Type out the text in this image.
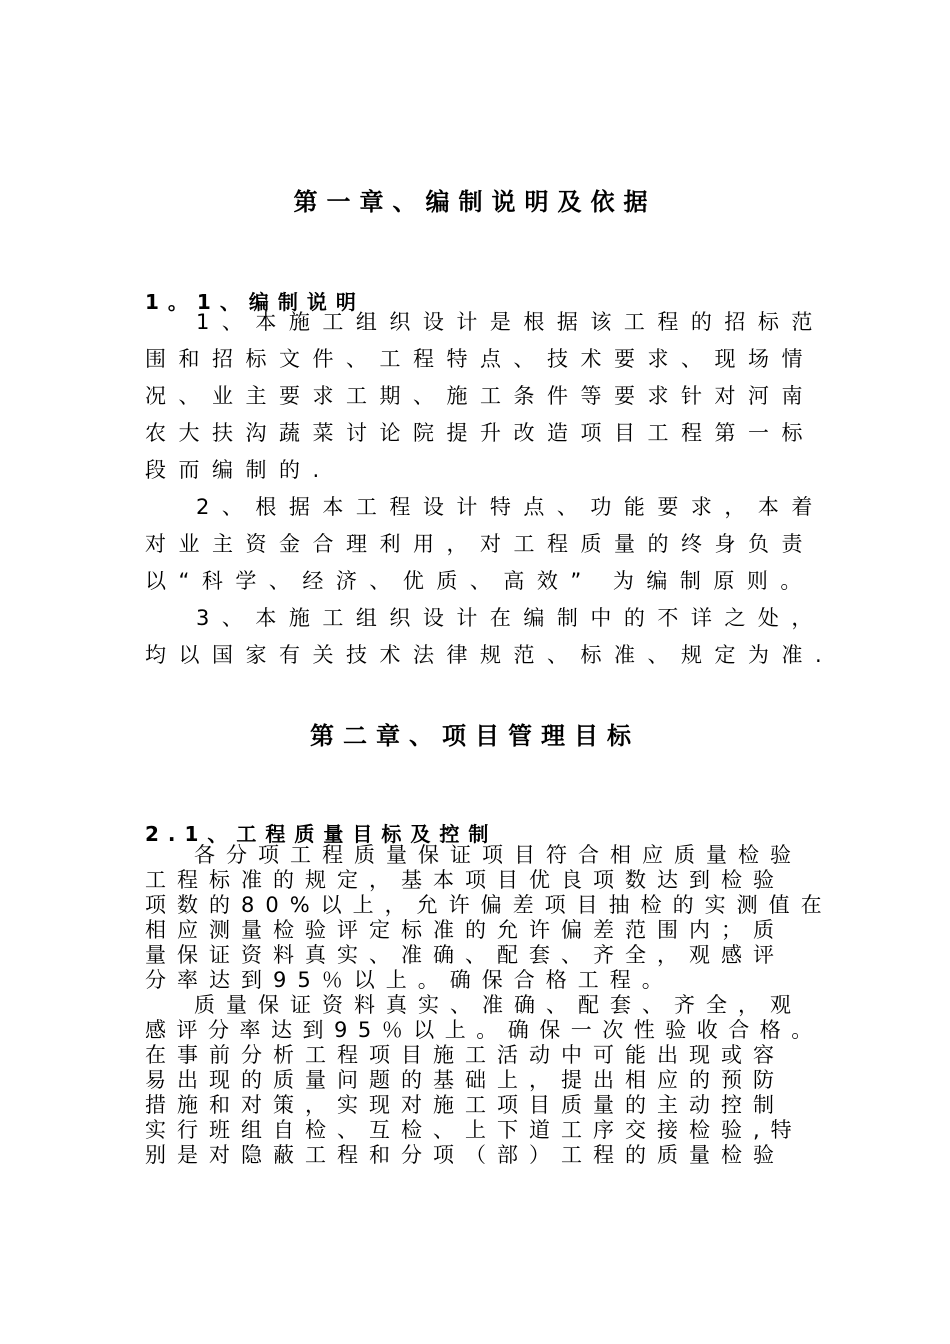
第一章、编制说明及依据
1。1、编制说明
1、本施工组织设计是根据该工程的招标范
围和招标文件、工程特点、技术要求、现场情
况、业主要求工期、施工条件等要求针对河南
农大扶沟蔬菜讨论院提升改造项目工程第一标
段而编制的.
2、根据本工程设计特点、功能要求，本着
对业主资金合理利用，对工程质量的终身负责
以“科学、经济、优质、高效” 为编制原则。
3、本施工组织设计在编制中的不详之处，
均以国家有关技术法律规范、标准、规定为准.
第二章、项目管理目标
2.1、工程质量目标及控制
各分项工程质量保证项目符合相应质量检验
工程标准的规定，基本项目优良项数达到检验
项数的80%以上，允许偏差项目抽检的实测值在
相应测量检验评定标准的允许偏差范围内；质
量保证资料真实、准确、配套、齐全，观感评
分率达到95％以上。确保合格工程。
质量保证资料真实、准确、配套、齐全，观
感评分率达到95％以上。确保一次性验收合格。
在事前分析工程项目施工活动中可能出现或容
易出现的质量问题的基础上，提出相应的预防
措施和对策，实现对施工项目质量的主动控制
实行班组自检、互检、上下道工序交接检验,特
别是对隐蔽工程和分项（部）工程的质量检验
